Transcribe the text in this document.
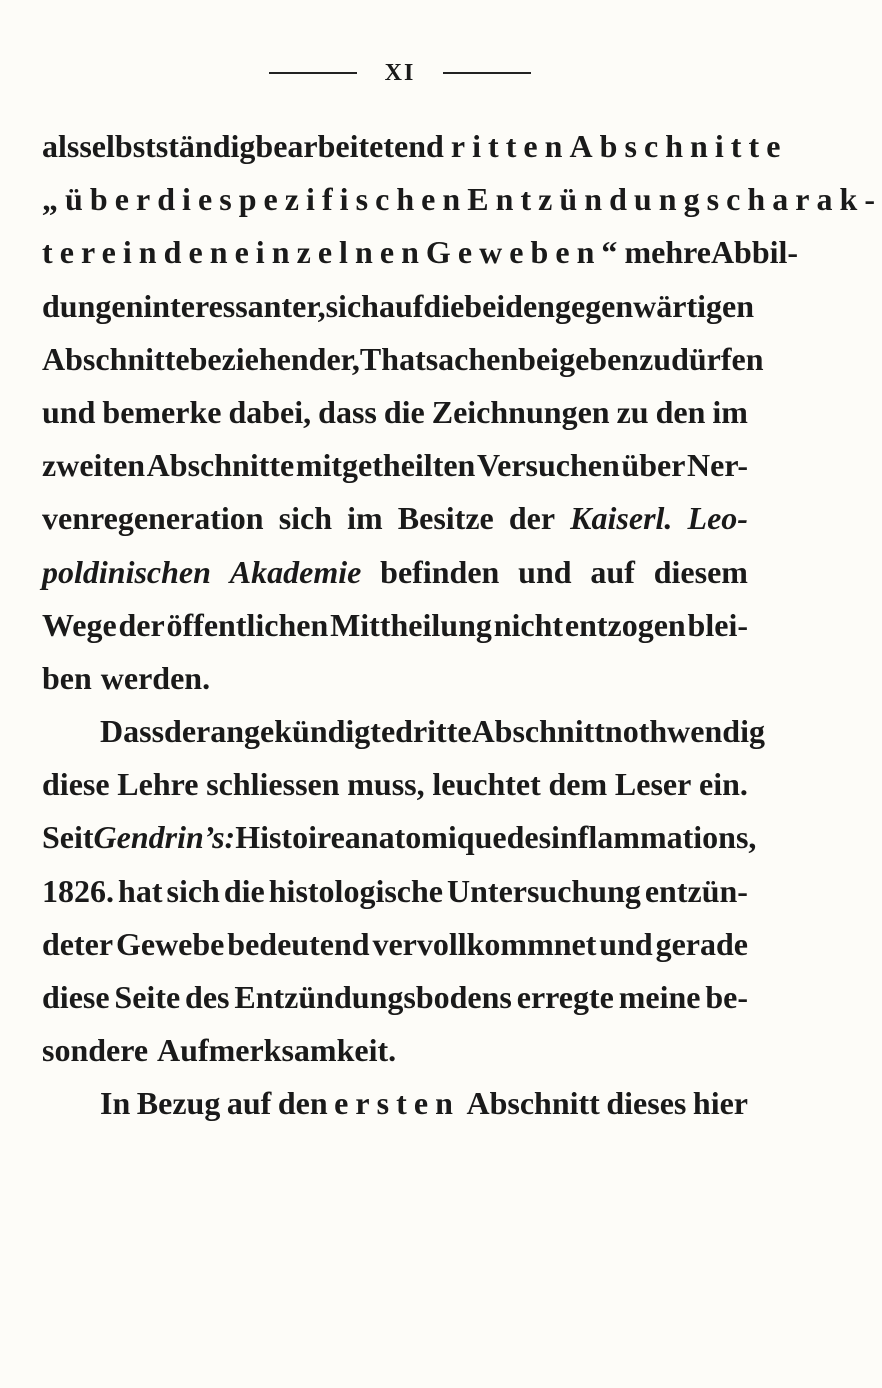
XI
als selbstständig bearbeiteten dritten Abschnitte
„über die spezifischen Entzündungscharak-
tere in den einzelnen Geweben“ mehre Abbil-
dungen interessanter, sich auf die beiden gegenwärtigen
Abschnitte beziehender, Thatsachen beigeben zu dürfen
und bemerke dabei, dass die Zeichnungen zu den im
zweiten Abschnitte mitgetheilten Versuchen über Ner-
venregeneration sich im Besitze der Kaiserl. Leo-
poldinischen Akademie befinden und auf diesem
Wege der öffentlichen Mittheilung nicht entzogen blei-
ben werden.
Dass der angekündigte dritte Abschnitt nothwendig
diese Lehre schliessen muss, leuchtet dem Leser ein.
Seit Gendrin’s: Histoire anatomique des inflammations,
1826. hat sich die histologische Untersuchung entzün-
deter Gewebe bedeutend vervollkommnet und gerade
diese Seite des Entzündungsbodens erregte meine be-
sondere Aufmerksamkeit.
In Bezug auf den ersten Abschnitt dieses hier
